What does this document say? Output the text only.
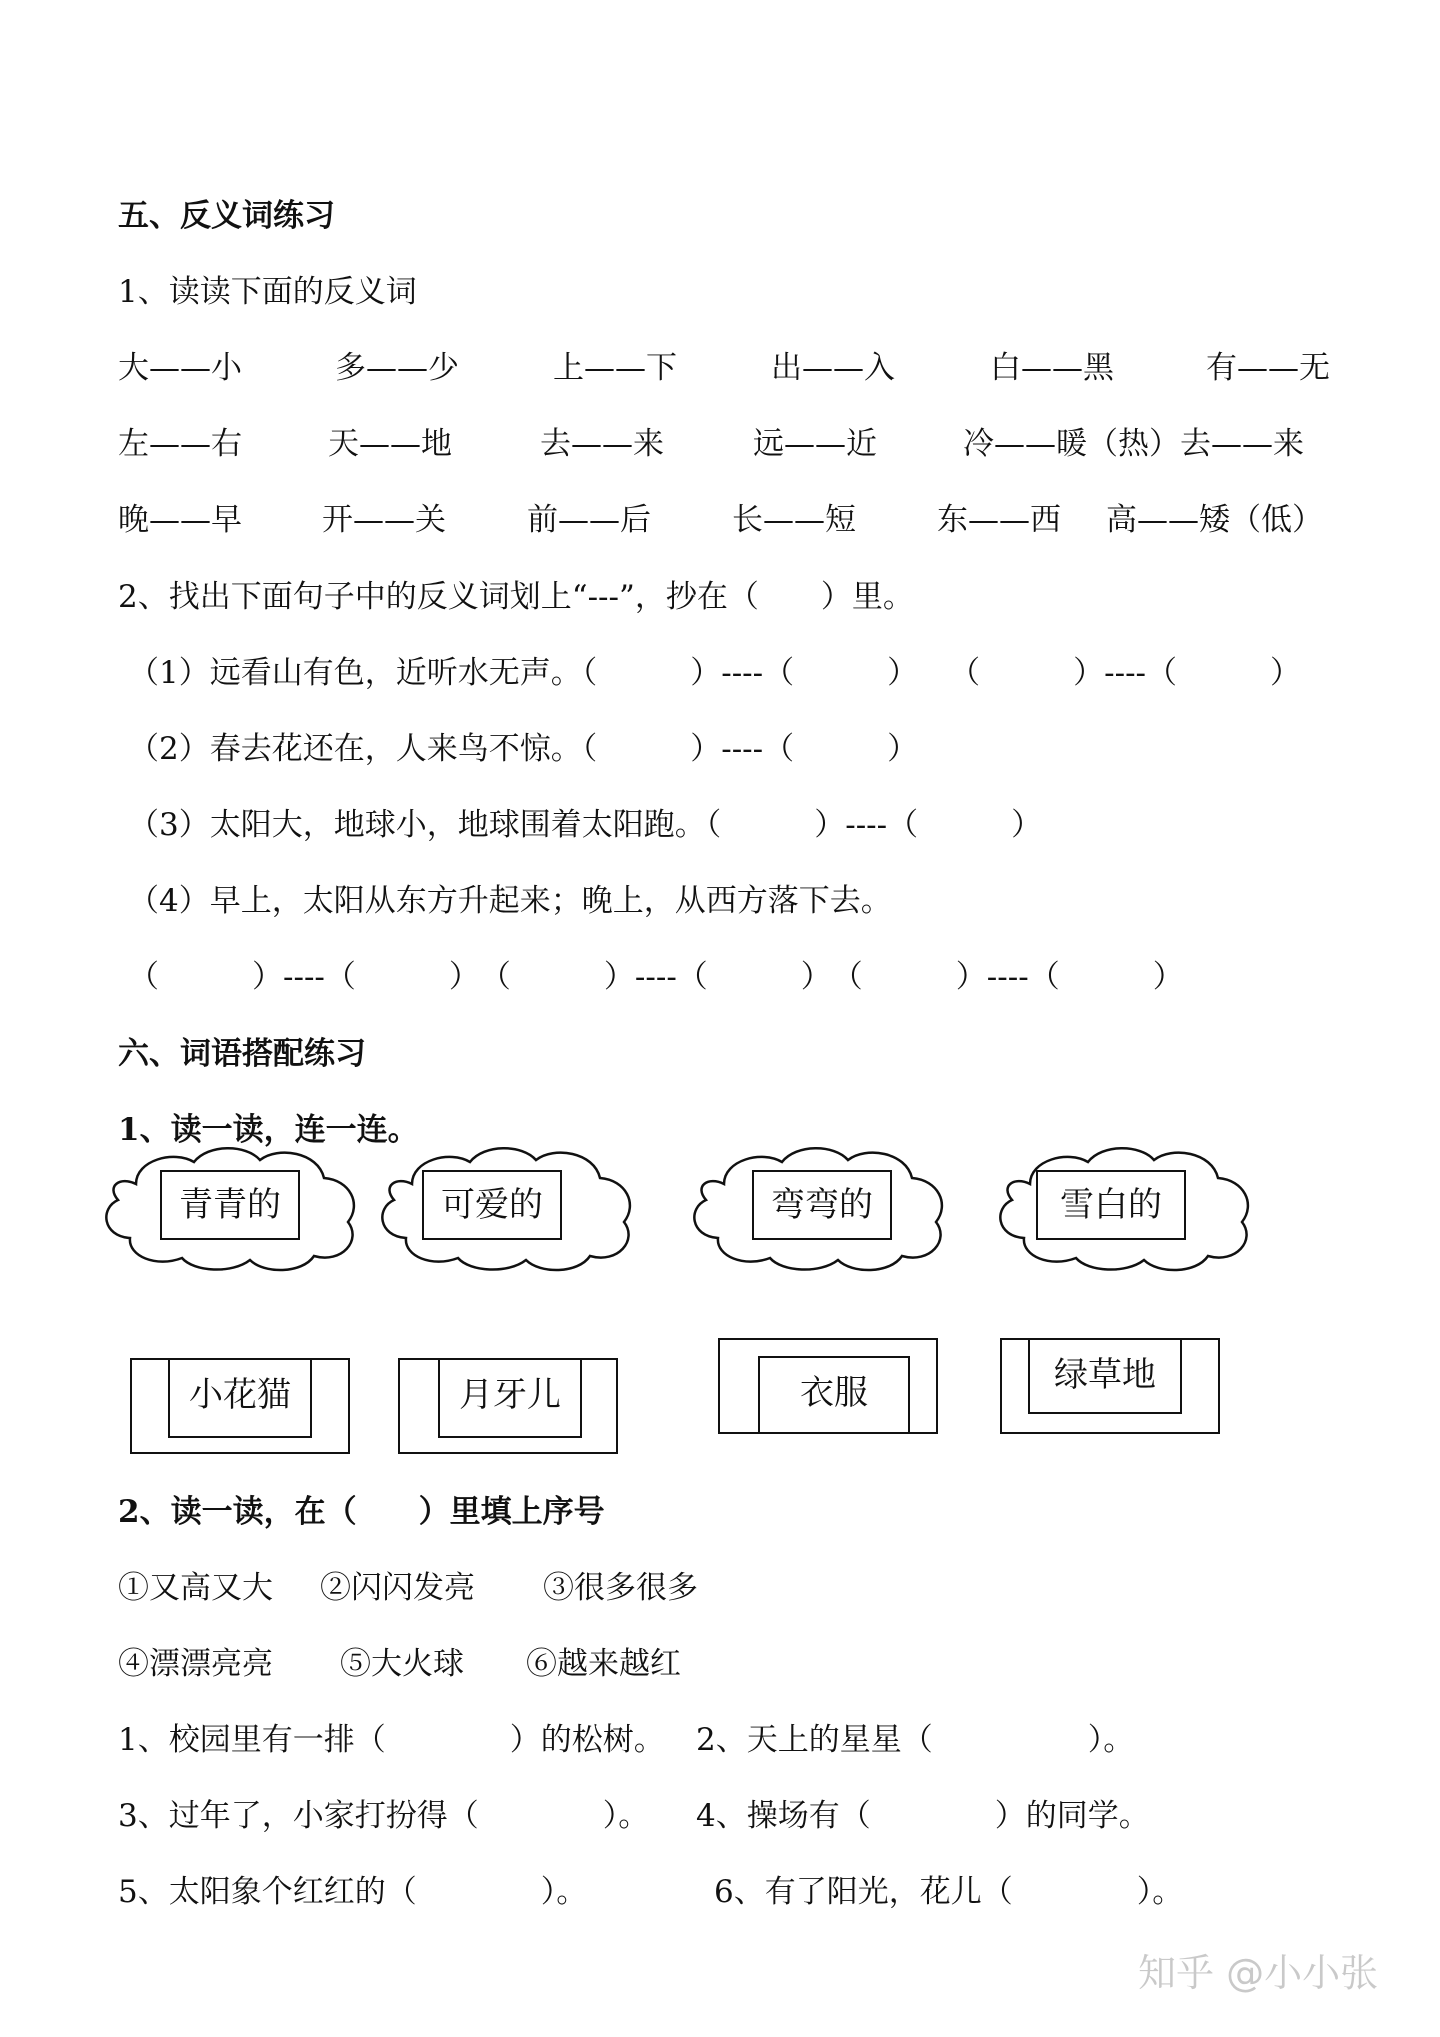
五、反义词练习
1、读读下面的反义词
大——小	多——少	上——下	出——入	白——黑	有——无
左——右	天——地	去——来	远——近	冷——暖（热）去——来
晚——早	开——关	前——后	长——短	东——西 高——矮（低）
2、找出下面句子中的反义词划上“---”，抄在（　　）里。
（1）远看山有色，近听水无声。（　　　）----（　　　）　　（　　　）----（　　　）
（2）春去花还在，人来鸟不惊。（　　　）----（　　　）
（3）太阳大，地球小，地球围着太阳跑。（　　　）----（　　　）
（4）早上，太阳从东方升起来；晚上，从西方落下去。
（　　　）----（　　　）　（　　　）----（　　　）　（　　　）----（　　　）
六、词语搭配练习
1、读一读，连一连。
青青的	可爱的	弯弯的	雪白的
小花猫	月牙儿	衣服	绿草地
2、读一读，在（　　）里填上序号
①又高又大 ②闪闪发亮 ③很多很多
④漂漂亮亮 ⑤大火球 ⑥越来越红
1、校园里有一排（　　　　）的松树。 2、天上的星星（　　　　　）。
3、过年了，小家打扮得（　　　　）。 4、操场有（　　　　）的同学。
5、太阳象个红红的（　　　　）。	6、有了阳光，花儿（　　　　）。
知乎 @小小张
